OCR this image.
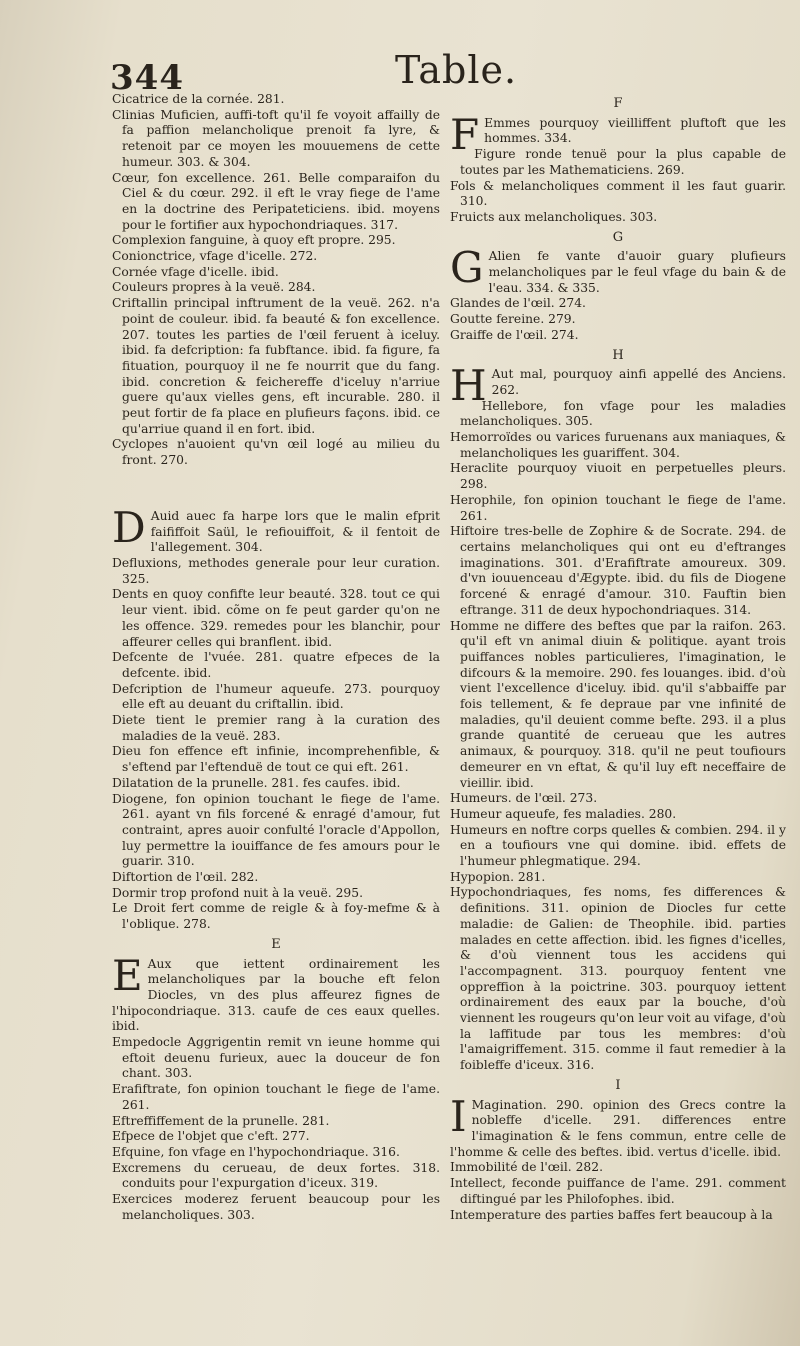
344	Table.

Cicatrice de la cornée. 281.

Clinias Muficien, auffi-toft qu'il fe voyoit affailly de fa paffion melancholique prenoit fa lyre, & retenoit par ce moyen les mouuemens de cette humeur. 303. & 304.

Cœur, fon excellence. 261. Belle comparaifon du Ciel & du cœur. 292. il eft le vray fiege de l'ame en la doctrine des Peripateticiens. ibid. moyens pour le fortifier aux hypochondriaques. 317.

Complexion fanguine, à quoy eft propre. 295.

Conionctrice, vfage d'icelle. 272.

Cornée vfage d'icelle. ibid.

Couleurs propres à la veuë. 284.

Criftallin principal inftrument de la veuë. 262. n'a point de couleur. ibid. fa beauté & fon excellence. 207. toutes les parties de l'œil feruent à iceluy. ibid. fa defcription: fa fubftance. ibid. fa figure, fa fituation, pourquoy il ne fe nourrit que du fang. ibid. concretion & feichereffe d'iceluy n'arriue guere qu'aux vielles gens, eft incurable. 280. il peut fortir de fa place en plufieurs façons. ibid. ce qu'arriue quand il en fort. ibid.

Cyclopes n'auoient qu'vn œil logé au milieu du front. 270.

DAuid auec fa harpe lors que le malin efprit faififfoit Saül, le refiouiffoit, & il fentoit de l'allegement. 304.

Defluxions, methodes generale pour leur curation. 325.

Dents en quoy confifte leur beauté. 328. tout ce qui leur vient. ibid. cõme on fe peut garder qu'on ne les offence. 329. remedes pour les blanchir, pour affeurer celles qui branflent. ibid.

Defcente de l'vuée. 281. quatre efpeces de la defcente. ibid.

Defcription de l'humeur aqueufe. 273. pourquoy elle eft au deuant du criftallin. ibid.

Diete tient le premier rang à la curation des maladies de la veuë. 283.

Dieu fon effence eft infinie, incomprehenfible, & s'eftend par l'eftenduë de tout ce qui eft. 261.

Dilatation de la prunelle. 281. fes caufes. ibid.

Diogene, fon opinion touchant le fiege de l'ame. 261. ayant vn fils forcené & enragé d'amour, fut contraint, apres auoir confulté l'oracle d'Appollon, luy permettre la iouiffance de fes amours pour le guarir. 310.

Diftortion de l'œil. 282.

Dormir trop profond nuit à la veuë. 295.

Le Droit fert comme de reigle & à foy-mefme & à l'oblique. 278.

E

EAux que iettent ordinairement les melancholiques par la bouche eft felon Diocles, vn des plus affeurez fignes de l'hipocondriaque. 313. caufe de ces eaux quelles. ibid.

Empedocle Aggrigentin remit vn ieune homme qui eftoit deuenu furieux, auec la douceur de fon chant. 303.

Erafiftrate, fon opinion touchant le fiege de l'ame. 261.

Eftreffiffement de la prunelle. 281.

Efpece de l'objet que c'eft. 277.

Efquine, fon vfage en l'hypochondriaque. 316.

Excremens du cerueau, de deux fortes. 318. conduits pour l'expurgation d'iceux. 319.

Exercices moderez feruent beaucoup pour les melancholiques. 303.

F

FEmmes pourquoy vieilliffent pluftoft que les hommes. 334.

Figure ronde tenuë pour la plus capable de toutes par les Mathematiciens. 269.

Fols & melancholiques comment il les faut guarir. 310.

Fruicts aux melancholiques. 303.

G

GAlien fe vante d'auoir guary plufieurs melancholiques par le feul vfage du bain & de l'eau. 334. & 335.

Glandes de l'œil. 274.

Goutte fereine. 279.

Graiffe de l'œil. 274.

H

HAut mal, pourquoy ainfi appellé des Anciens. 262.

Hellebore, fon vfage pour les maladies melancholiques. 305.

Hemorroïdes ou varices furuenans aux maniaques, & melancholiques les guariffent. 304.

Heraclite pourquoy viuoit en perpetuelles pleurs. 298.

Herophile, fon opinion touchant le fiege de l'ame. 261.

Hiftoire tres-belle de Zophire & de Socrate. 294. de certains melancholiques qui ont eu d'eftranges imaginations. 301. d'Erafiftrate amoureux. 309. d'vn iouuenceau d'Ægypte. ibid. du fils de Diogene forcené & enragé d'amour. 310. Fauftin bien eftrange. 311 de deux hypochondriaques. 314.

Homme ne differe des beftes que par la raifon. 263. qu'il eft vn animal diuin & politique. ayant trois puiffances nobles particulieres, l'imagination, le difcours & la memoire. 290. fes louanges. ibid. d'où vient l'excellence d'iceluy. ibid. qu'il s'abbaiffe par fois tellement, & fe depraue par vne infinité de maladies, qu'il deuient comme befte. 293. il a plus grande quantité de cerueau que les autres animaux, & pourquoy. 318. qu'il ne peut toufiours demeurer en vn eftat, & qu'il luy eft neceffaire de vieillir. ibid.

Humeurs. de l'œil. 273.

Humeur aqueufe, fes maladies. 280.

Humeurs en noftre corps quelles & combien. 294. il y en a toufiours vne qui domine. ibid. effets de l'humeur phlegmatique. 294.

Hypopion. 281.

Hypochondriaques, fes noms, fes differences & definitions. 311. opinion de Diocles fur cette maladie: de Galien: de Theophile. ibid. parties malades en cette affection. ibid. les fignes d'icelles, & d'où viennent tous les accidens qui l'accompagnent. 313. pourquoy fentent vne oppreffion à la poictrine. 303. pourquoy iettent ordinairement des eaux par la bouche, d'où viennent les rougeurs qu'on leur voit au vifage, d'où la laffitude par tous les membres: d'où l'amaigriffement. 315. comme il faut remedier à la foibleffe d'iceux. 316.

I

IMagination. 290. opinion des Grecs contre la nobleffe d'icelle. 291. differences entre l'imagination & le fens commun, entre celle de l'homme & celle des beftes. ibid. vertus d'icelle. ibid.

Immobilité de l'œil. 282.

Intellect, feconde puiffance de l'ame. 291. comment diftingué par les Philofophes. ibid.

Intemperature des parties baffes fert beaucoup à la
